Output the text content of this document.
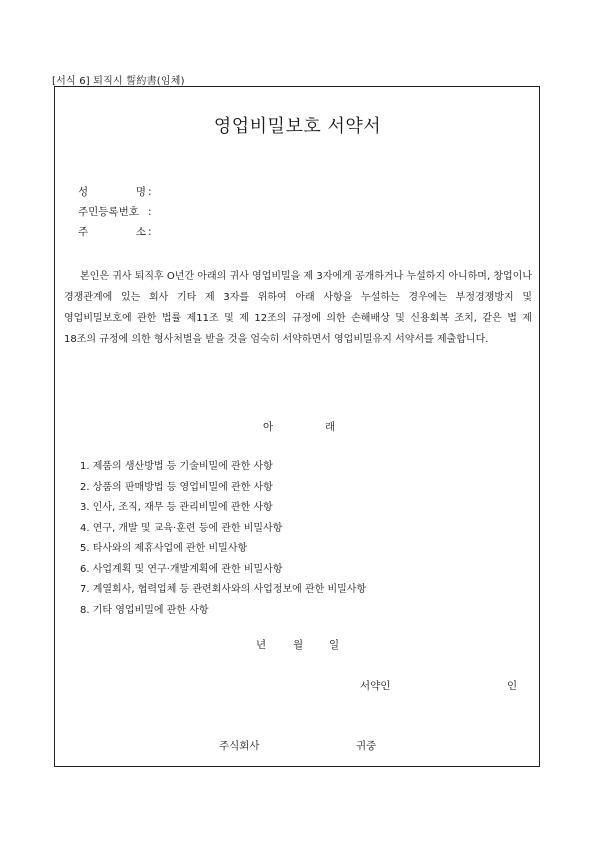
[서식 6] 퇴직시 誓約書(임체)
영업비밀보호 서약서
성 명 :
주민등록번호 :
주 소 :

본인은 귀사 퇴직후 O년간 아래의 귀사 영업비밀을 제 3자에게 공개하거나 누설하지 아니하며, 창업이나 경쟁관계에 있는 회사 기타 제 3자를 위하여 아래 사항을 누설하는 경우에는 부정경쟁방지 및 영업비밀보호에 관한 법률 제11조 및 제 12조의 규정에 의한 손해배상 및 신용회복 조치, 같은 법 제 18조의 규정에 의한 형사처벌을 받을 것을 엄숙히 서약하면서 영업비밀유지 서약서를 제출합니다.

아	래
1. 제품의 생산방법 등 기술비밀에 관한 사항
2. 상품의 판매방법 등 영업비밀에 관한 사항
3. 인사, 조직, 재무 등 관리비밀에 관한 사항
4. 연구, 개발 및 교육·훈련 등에 관한 비밀사항
5. 타사와의 제휴사업에 관한 비밀사항
6. 사업계획 및 연구·개발계획에 관한 비밀사항
7. 계열회사, 협력업체 등 관련회사와의 사업정보에 관한 비밀사항
8. 기타 영업비밀에 관한 사항
년	월 일
서약인	인
주식회사	귀중
